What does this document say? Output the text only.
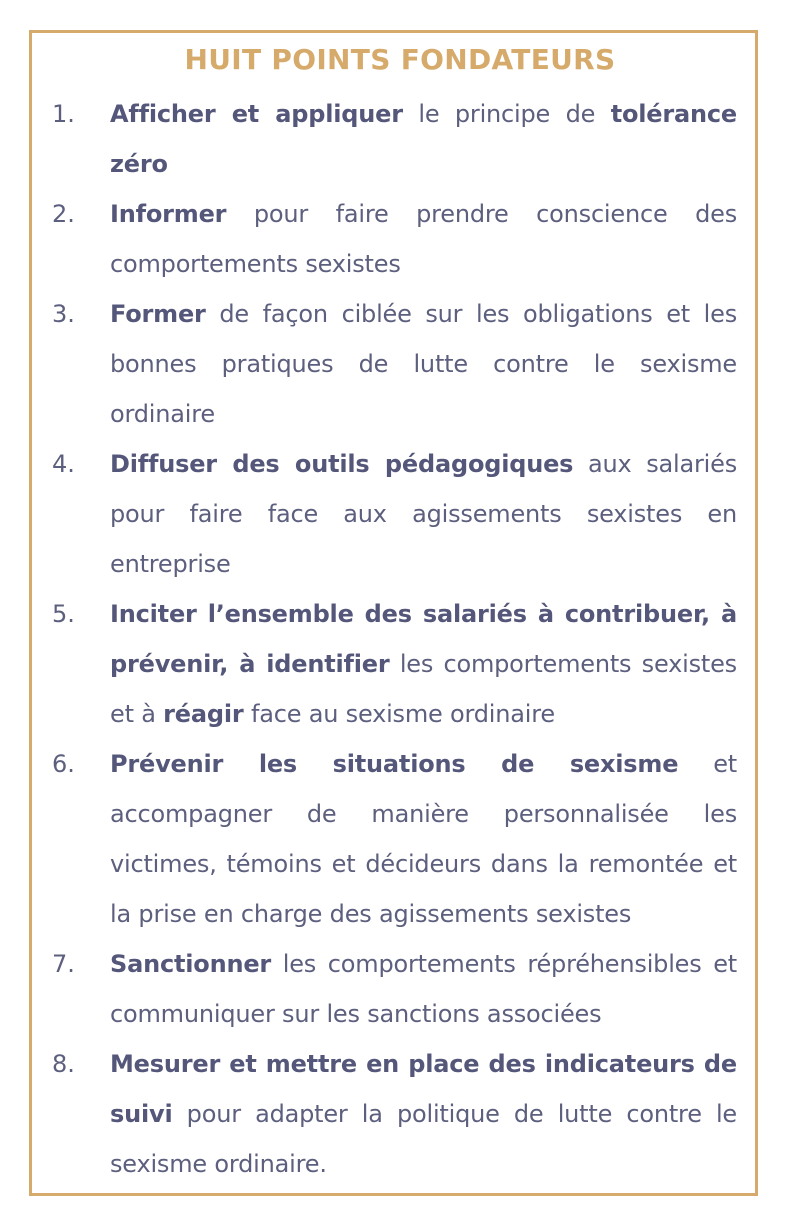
HUIT POINTS FONDATEURS
1. Afficher et appliquer le principe de tolérance zéro
2. Informer pour faire prendre conscience des comportements sexistes
3. Former de façon ciblée sur les obligations et les bonnes pratiques de lutte contre le sexisme ordinaire
4. Diffuser des outils pédagogiques aux salariés pour faire face aux agissements sexistes en entreprise
5. Inciter l’ensemble des salariés à contribuer, à prévenir, à identifier les comportements sexistes et à réagir face au sexisme ordinaire
6. Prévenir les situations de sexisme et accompagner de manière personnalisée les victimes, témoins et décideurs dans la remontée et la prise en charge des agissements sexistes
7. Sanctionner les comportements répréhensibles et communiquer sur les sanctions associées
8. Mesurer et mettre en place des indicateurs de suivi pour adapter la politique de lutte contre le sexisme ordinaire.
